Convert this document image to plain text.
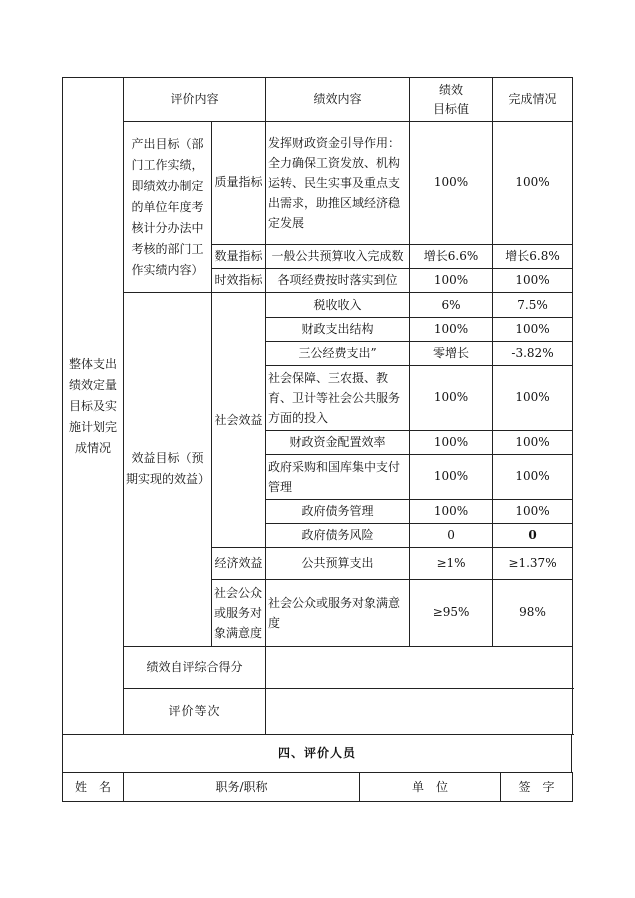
整体支出绩效定量目标及实施计划完成情况	评价内容		绩效内容	绩效
目标值	完成情况
	产出目标（部门工作实绩，即绩效办制定的单位年度考核计分办法中考核的部门工作实绩内容）	质量指标	发挥财政资金引导作用：全力确保工资发放、机构运转、民生实事及重点支出需求，助推区域经济稳定发展	100%	100%
		数量指标	一般公共预算收入完成数	增长6.6%	增长6.8%
		时效指标	各项经费按时落实到位	100%	100%
	效益目标（预期实现的效益）	社会效益	税收收入	6%	7.5%
			财政支出结构	100%	100%
			三公经费支出”	零增长	-3.82%
			社会保障、三农摄、教育、卫计等社会公共服务方面的投入	100%	100%
			财政资金配置效率	100%	100%
			政府采购和国库集中支付管理	100%	100%
			政府债务管理	100%	100%
			政府债务风险	0	0
		经济效益	公共预算支出	≥1%	≥1.37%
		社会公众或服务对象满意度	社会公众或服务对象满意度	≥95%	98%
	绩效自评综合得分				
	评价等次				
四、评价人员
姓　名	职务/职称	单　位	签　字
